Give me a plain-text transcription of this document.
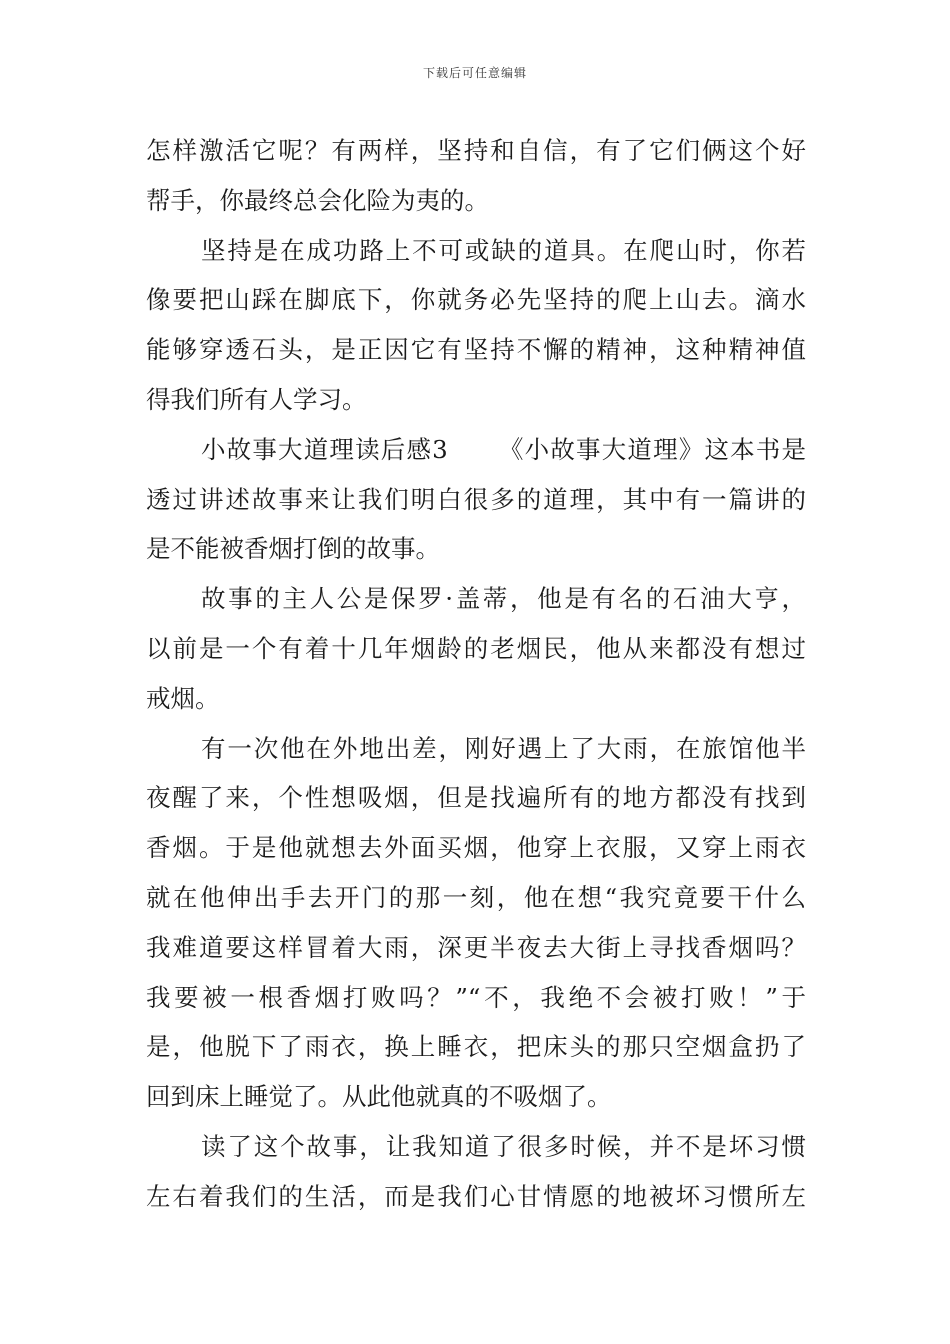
下载后可任意编辑
怎样激活它呢？有两样，坚持和自信，有了它们俩这个好
帮手，你最终总会化险为夷的。
坚持是在成功路上不可或缺的道具。在爬山时，你若
像要把山踩在脚底下，你就务必先坚持的爬上山去。滴水
能够穿透石头，是正因它有坚持不懈的精神，这种精神值
得我们所有人学习。
小故事大道理读后感3 《小故事大道理》这本书是
透过讲述故事来让我们明白很多的道理，其中有一篇讲的
是不能被香烟打倒的故事。
故事的主人公是保罗·盖蒂，他是有名的石油大亨，
以前是一个有着十几年烟龄的老烟民，他从来都没有想过
戒烟。
有一次他在外地出差，刚好遇上了大雨，在旅馆他半
夜醒了来，个性想吸烟，但是找遍所有的地方都没有找到
香烟。于是他就想去外面买烟，他穿上衣服，又穿上雨衣
就在他伸出手去开门的那一刻，他在想“我究竟要干什么
我难道要这样冒着大雨，深更半夜去大街上寻找香烟吗？
我要被一根香烟打败吗？”“不，我绝不会被打败！”于
是，他脱下了雨衣，换上睡衣，把床头的那只空烟盒扔了
回到床上睡觉了。从此他就真的不吸烟了。
读了这个故事，让我知道了很多时候，并不是坏习惯
左右着我们的生活，而是我们心甘情愿的地被坏习惯所左
